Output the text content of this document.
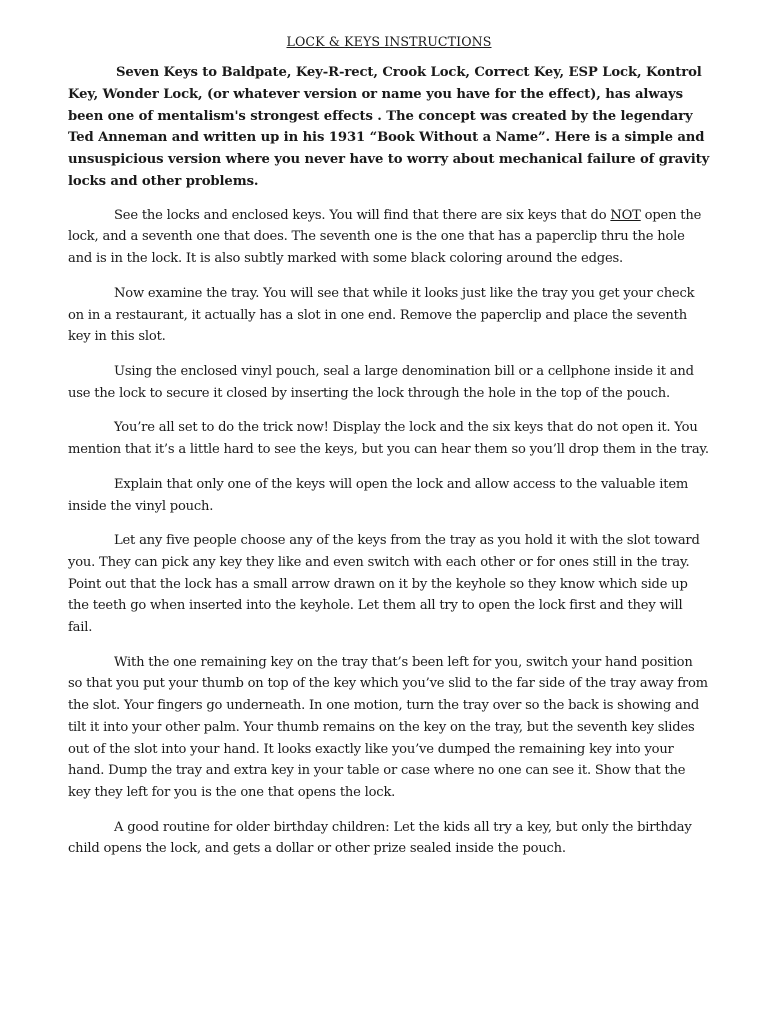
LOCK & KEYS INSTRUCTIONS

Seven Keys to Baldpate, Key-R-rect, Crook Lock, Correct Key, ESP Lock, Kontrol Key, Wonder Lock, (or whatever version or name you have for the effect), has always been one of mentalism's strongest effects . The concept was created by the legendary Ted Anneman and written up in his 1931 “Book Without a Name”. Here is a simple and unsuspicious version where you never have to worry about mechanical failure of gravity locks and other problems.

See the locks and enclosed keys. You will find that there are six keys that do NOT open the lock, and a seventh one that does. The seventh one is the one that has a paperclip thru the hole and is in the lock. It is also subtly marked with some black coloring around the edges.

Now examine the tray. You will see that while it looks just like the tray you get your check on in a restaurant, it actually has a slot in one end. Remove the paperclip and place the seventh key in this slot.

Using the enclosed vinyl pouch, seal a large denomination bill or a cellphone inside it and use the lock to secure it closed by inserting the lock through the hole in the top of the pouch.

You’re all set to do the trick now! Display the lock and the six keys that do not open it. You mention that it’s a little hard to see the keys, but you can hear them so you’ll drop them in the tray.

Explain that only one of the keys will open the lock and allow access to the valuable item inside the vinyl pouch.

Let any five people choose any of the keys from the tray as you hold it with the slot toward you. They can pick any key they like and even switch with each other or for ones still in the tray. Point out that the lock has a small arrow drawn on it by the keyhole so they know which side up the teeth go when inserted into the keyhole. Let them all try to open the lock first and they will fail.

With the one remaining key on the tray that’s been left for you, switch your hand position so that you put your thumb on top of the key which you’ve slid to the far side of the tray away from the slot. Your fingers go underneath. In one motion, turn the tray over so the back is showing and tilt it into your other palm. Your thumb remains on the key on the tray, but the seventh key slides out of the slot into your hand. It looks exactly like you’ve dumped the remaining key into your hand. Dump the tray and extra key in your table or case where no one can see it. Show that the key they left for you is the one that opens the lock.

A good routine for older birthday children: Let the kids all try a key, but only the birthday child opens the lock, and gets a dollar or other prize sealed inside the pouch.
